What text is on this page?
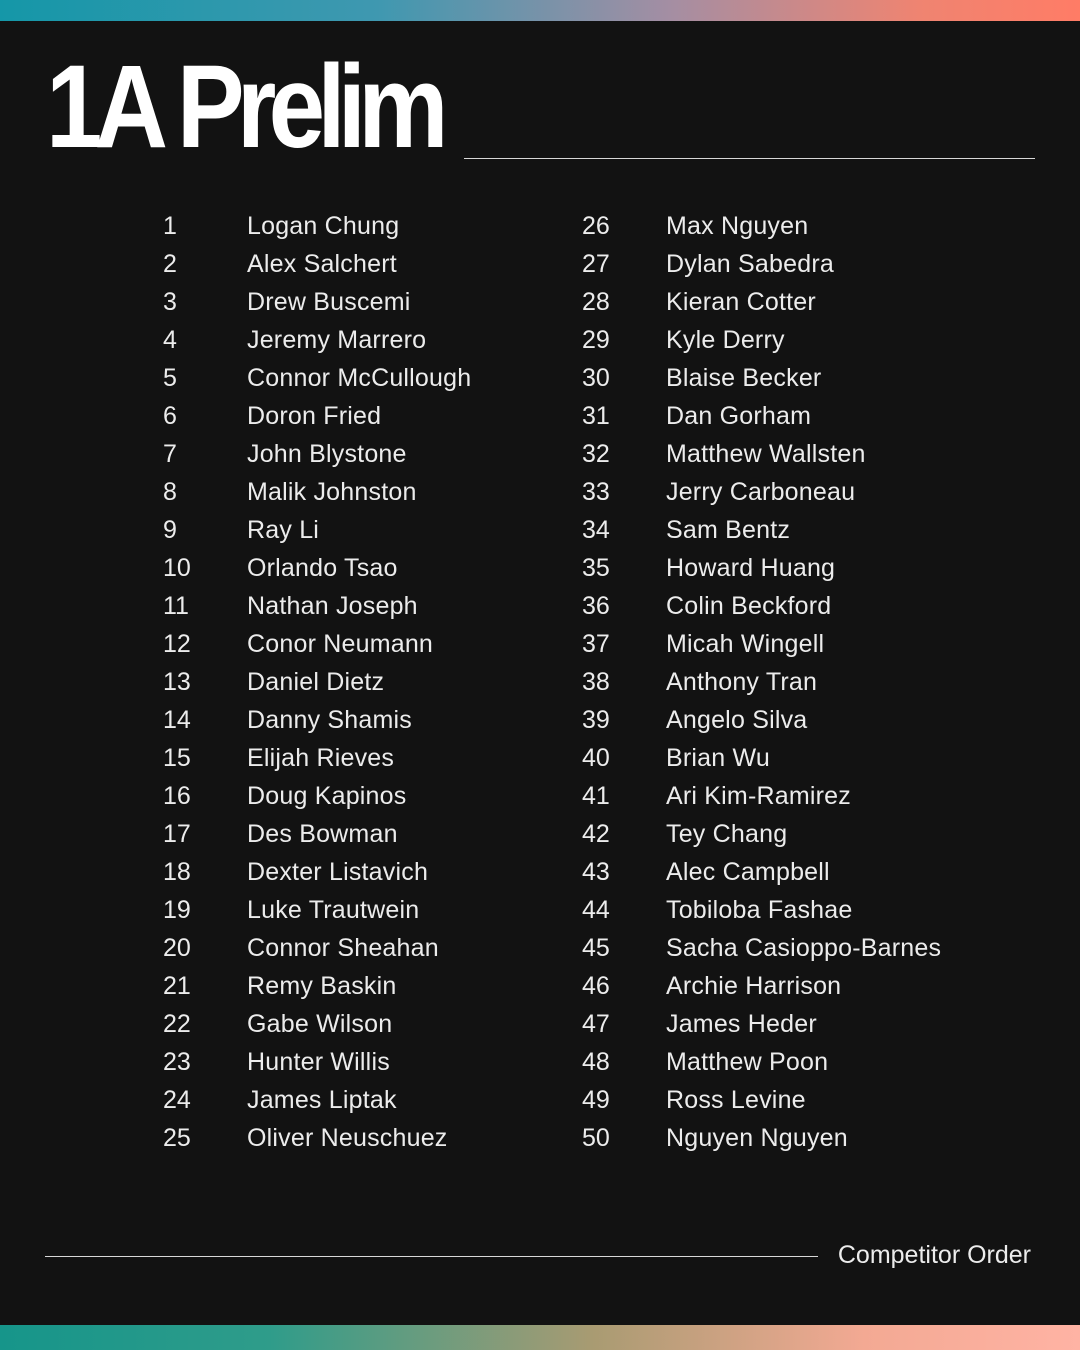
1A Prelim
1	Logan Chung
2	Alex Salchert
3	Drew Buscemi
4	Jeremy Marrero
5	Connor McCullough
6	Doron Fried
7	John Blystone
8	Malik Johnston
9	Ray Li
10 Orlando Tsao
11 Nathan Joseph
12 Conor Neumann
13 Daniel Dietz
14 Danny Shamis
15 Elijah Rieves
16 Doug Kapinos
17 Des Bowman
18 Dexter Listavich
19 Luke Trautwein
20 Connor Sheahan
21 Remy Baskin
22 Gabe Wilson
23 Hunter Willis
24 James Liptak
25 Oliver Neuschuez
26 Max Nguyen
27 Dylan Sabedra
28 Kieran Cotter
29 Kyle Derry
30 Blaise Becker
31 Dan Gorham
32 Matthew Wallsten
33 Jerry Carboneau
34 Sam Bentz
35 Howard Huang
36 Colin Beckford
37 Micah Wingell
38 Anthony Tran
39 Angelo Silva
40 Brian Wu
41 Ari Kim-Ramirez
42 Tey Chang
43 Alec Campbell
44 Tobiloba Fashae
45 Sacha Casioppo-Barnes
46 Archie Harrison
47 James Heder
48 Matthew Poon
49 Ross Levine
50 Nguyen Nguyen
Competitor Order
